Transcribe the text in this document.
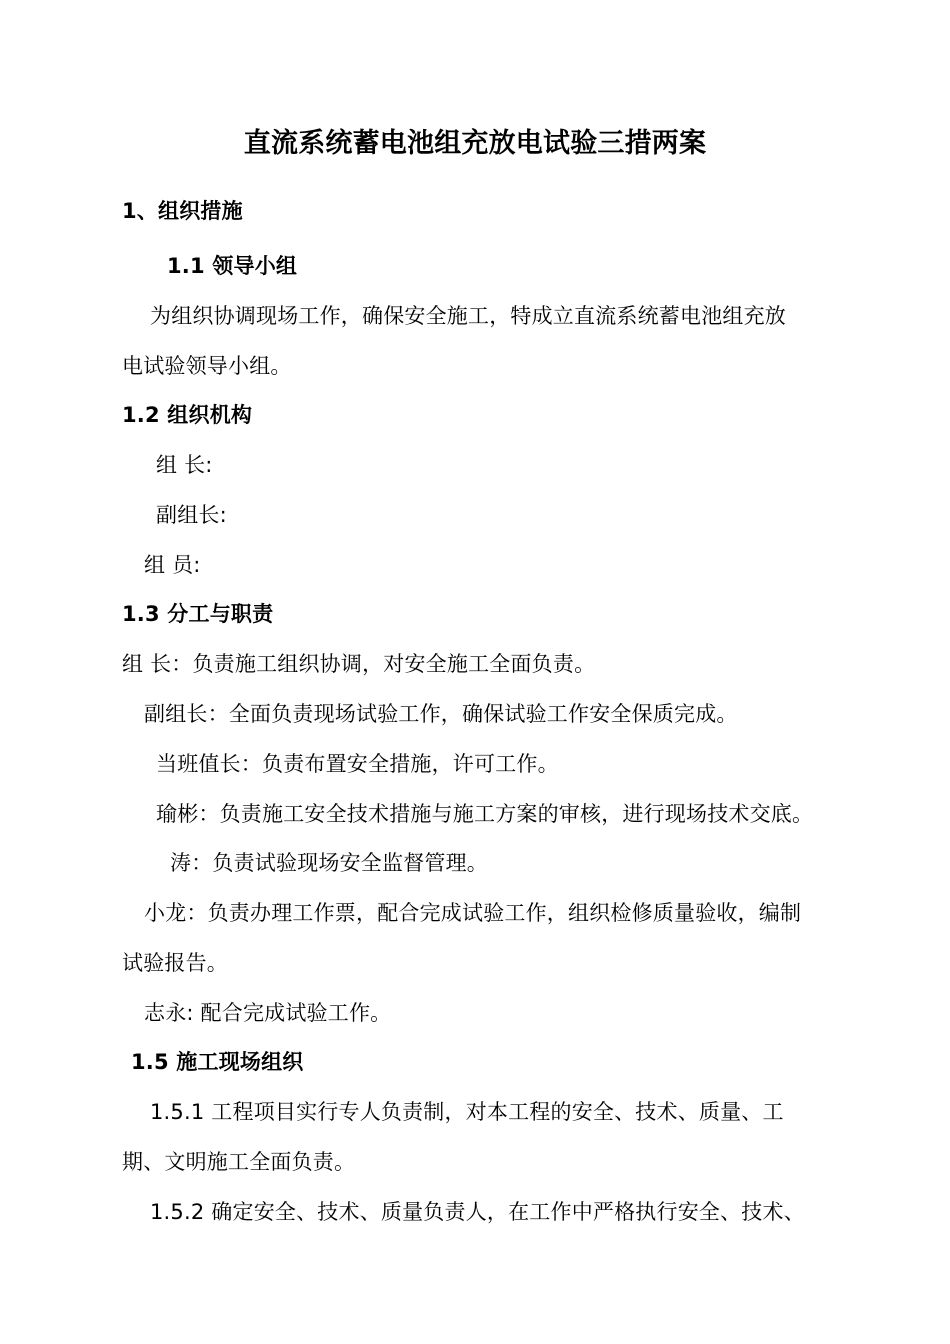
直流系统蓄电池组充放电试验三措两案
1、组织措施
1.1 领导小组
为组织协调现场工作，确保安全施工，特成立直流系统蓄电池组充放
电试验领导小组。
1.2 组织机构
组 长:
副组长:
组 员:
1.3 分工与职责
组 长：负责施工组织协调，对安全施工全面负责。
副组长：全面负责现场试验工作，确保试验工作安全保质完成。
当班值长：负责布置安全措施，许可工作。
瑜彬：负责施工安全技术措施与施工方案的审核，进行现场技术交底。
涛：负责试验现场安全监督管理。
小龙：负责办理工作票，配合完成试验工作，组织检修质量验收，编制
试验报告。
志永: 配合完成试验工作。
1.5 施工现场组织
1.5.1 工程项目实行专人负责制，对本工程的安全、技术、质量、工
期、文明施工全面负责。
1.5.2 确定安全、技术、质量负责人，在工作中严格执行安全、技术、
